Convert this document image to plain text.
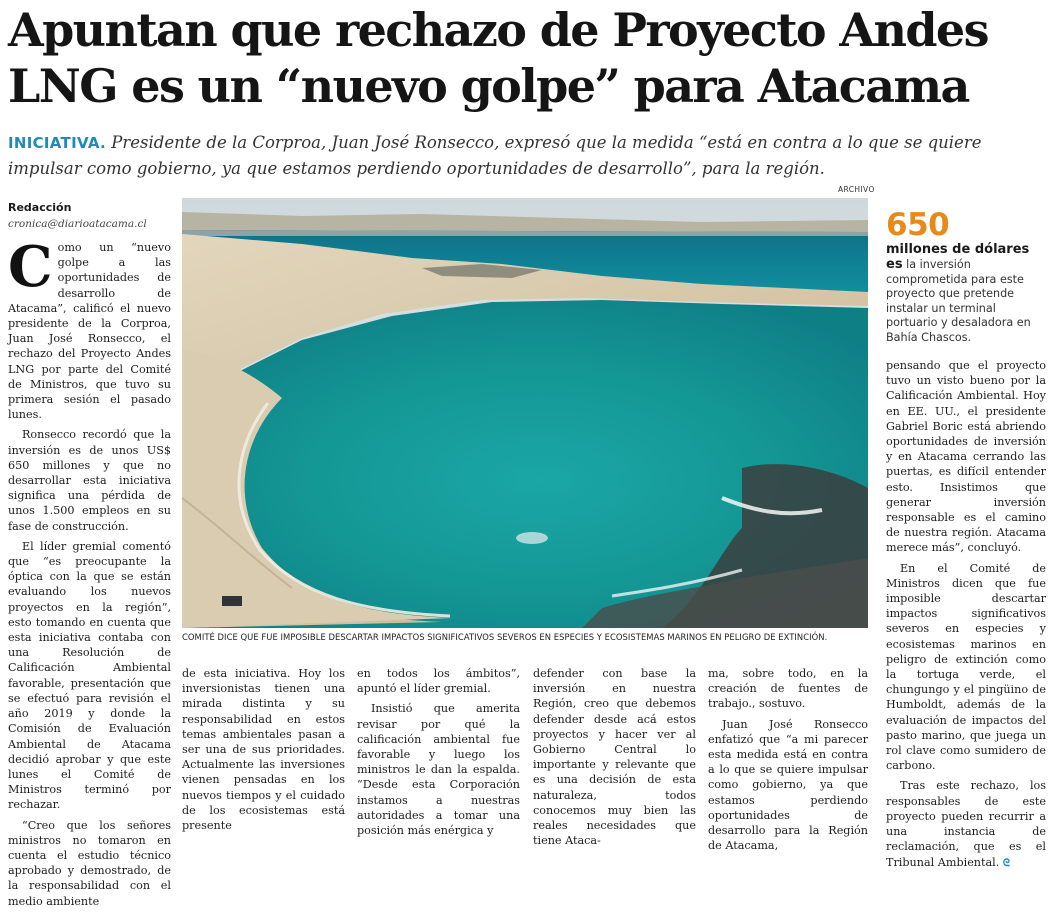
Apuntan que rechazo de Proyecto Andes
LNG es un “nuevo golpe” para Atacama
INICIATIVA. Presidente de la Corproa, Juan José Ronsecco, expresó que la medida “está en contra a lo que se quiere impulsar como gobierno, ya que estamos perdiendo oportunidades de desarrollo”, para la región.
Redacción
cronica@diarioatacama.cl

Como un “nuevo golpe a las oportunidades de desarrollo de Atacama”, calificó el nuevo presidente de la Corproa, Juan José Ronsecco, el rechazo del Proyecto Andes LNG por parte del Comité de Ministros, que tuvo su primera sesión el pasado lunes.

Ronsecco recordó que la inversión es de unos US$ 650 millones y que no desarrollar esta iniciativa significa una pérdida de unos 1.500 empleos en su fase de construcción.

El líder gremial comentó que “es preocupante la óptica con la que se están evaluando los nuevos proyectos en la región”, esto tomando en cuenta que esta iniciativa contaba con una Resolución de Calificación Ambiental favorable, presentación que se efectuó para revisión el año 2019 y donde la Comisión de Evaluación Ambiental de Atacama decidió aprobar y que este lunes el Comité de Ministros terminó por rechazar.

“Creo que los señores ministros no tomaron en cuenta el estudio técnico aprobado y demostrado, de la responsabilidad con el medio ambiente

ARCHIVO
COMITÉ DICE QUE FUE IMPOSIBLE DESCARTAR IMPACTOS SIGNIFICATIVOS SEVEROS EN ESPECIES Y ECOSISTEMAS MARINOS EN PELIGRO DE EXTINCIÓN.
650
millones de dólares
es la inversión comprometida para este proyecto que pretende instalar un terminal portuario y desaladora en Bahía Chascos.

de esta iniciativa. Hoy los inversionistas tienen una mirada distinta y su responsabilidad en estos temas ambientales pasan a ser una de sus prioridades. Actualmente las inversiones vienen pensadas en los nuevos tiempos y el cuidado de los ecosistemas está presente

en todos los ámbitos”, apuntó el líder gremial.

Insistió que amerita revisar por qué la calificación ambiental fue favorable y luego los ministros le dan la espalda. “Desde esta Corporación instamos a nuestras autoridades a tomar una posición más enérgica y

defender con base la inversión en nuestra Región, creo que debemos defender desde acá estos proyectos y hacer ver al Gobierno Central lo importante y relevante que es una decisión de esta naturaleza, todos conocemos muy bien las reales necesidades que tiene Ataca-

ma, sobre todo, en la creación de fuentes de trabajo., sostuvo.

Juan José Ronsecco enfatizó que “a mi parecer esta medida está en contra a lo que se quiere impulsar como gobierno, ya que estamos perdiendo oportunidades de desarrollo para la Región de Atacama,

pensando que el proyecto tuvo un visto bueno por la Calificación Ambiental. Hoy en EE. UU., el presidente Gabriel Boric está abriendo oportunidades de inversión y en Atacama cerrando las puertas, es difícil entender esto. Insistimos que generar inversión responsable es el camino de nuestra región. Atacama merece más”, concluyó.

En el Comité de Ministros dicen que fue imposible descartar impactos significativos severos en especies y ecosistemas marinos en peligro de extinción como la tortuga verde, el chungungo y el pingüino de Humboldt, además de la evaluación de impactos del pasto marino, que juega un rol clave como sumidero de carbono.

Tras este rechazo, los responsables de este proyecto pueden recurrir a una instancia de reclamación, que es el Tribunal Ambiental. ᘓ
